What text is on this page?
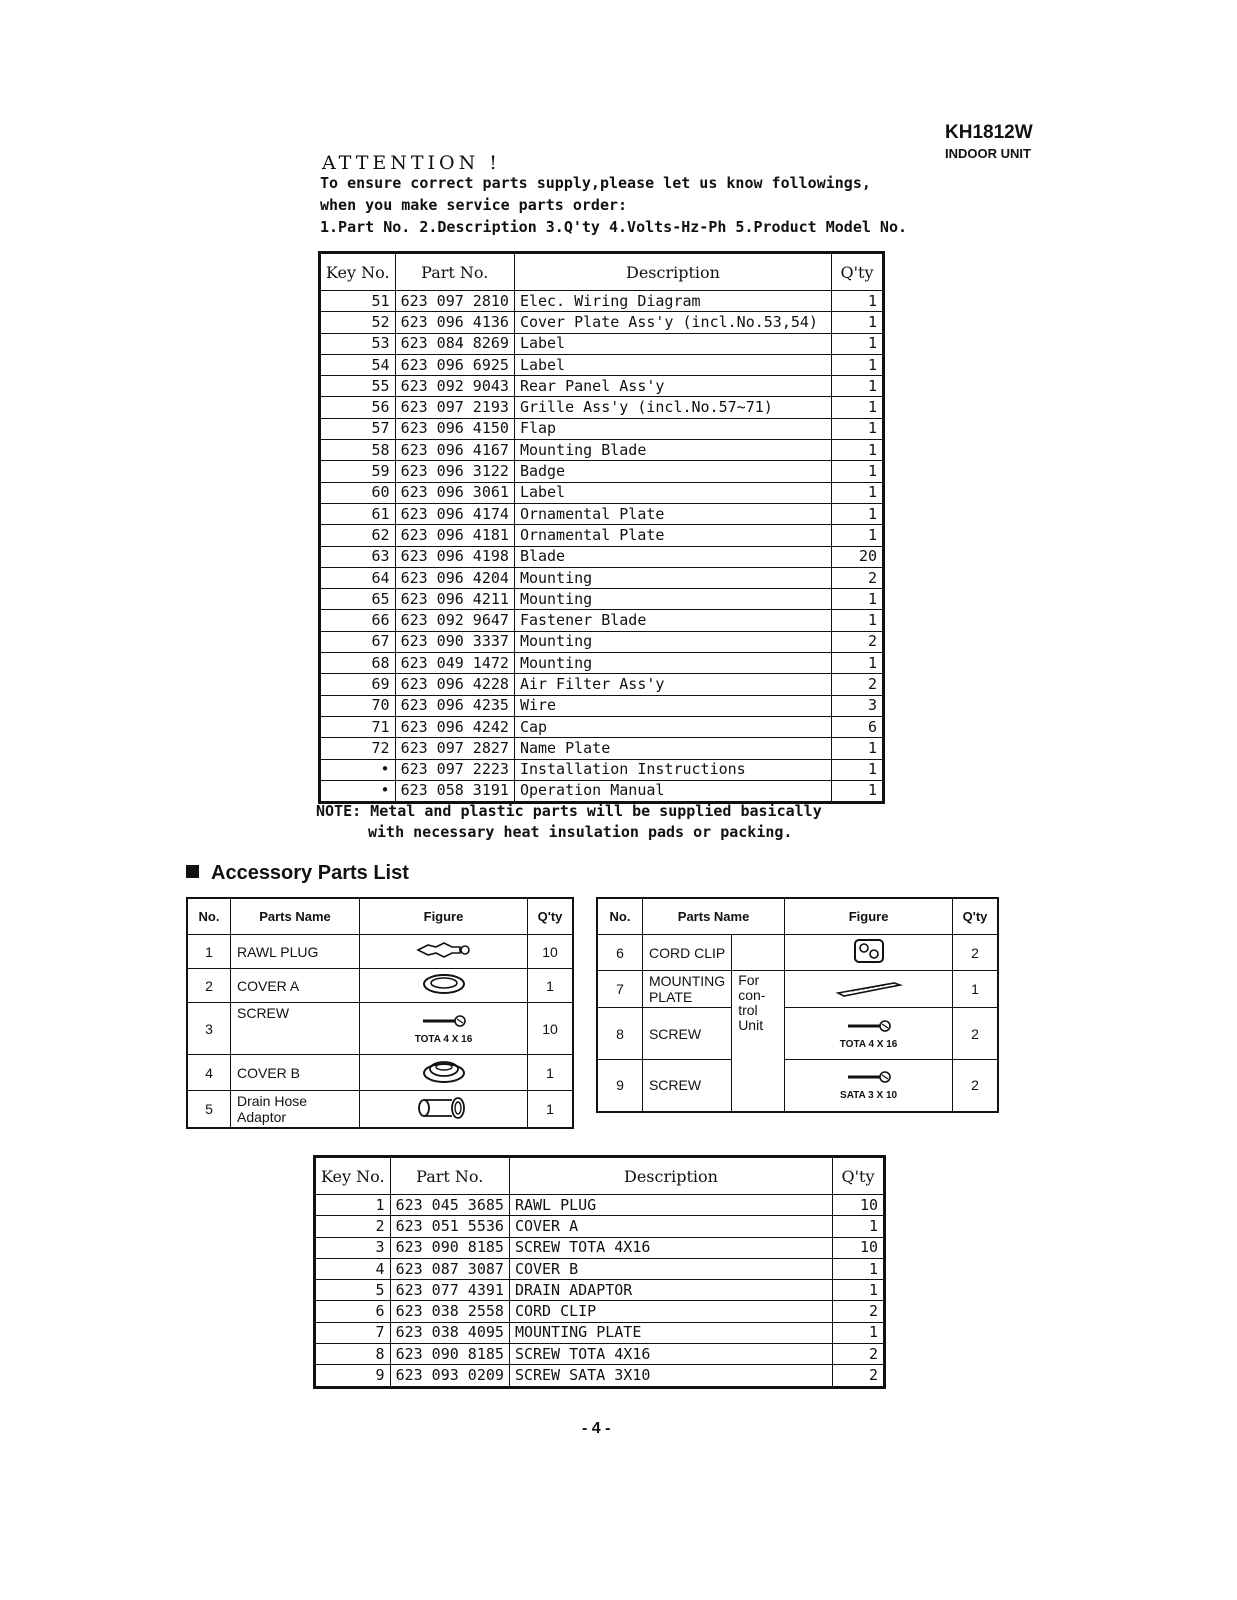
KH1812W
INDOOR UNIT
ATTENTION !
To ensure correct parts supply,please let us know followings,
when you make service parts order:
1.Part No. 2.Description 3.Q'ty 4.Volts-Hz-Ph 5.Product Model No.
Key No.	Part No.	Description	Q'ty
51	623 097 2810	Elec. Wiring Diagram	1
52	623 096 4136	Cover Plate Ass'y (incl.No.53,54)	1
53	623 084 8269	Label	1
54	623 096 6925	Label	1
55	623 092 9043	Rear Panel Ass'y	1
56	623 097 2193	Grille Ass'y (incl.No.57~71)	1
57	623 096 4150	Flap	1
58	623 096 4167	Mounting Blade	1
59	623 096 3122	Badge	1
60	623 096 3061	Label	1
61	623 096 4174	Ornamental Plate	1
62	623 096 4181	Ornamental Plate	1
63	623 096 4198	Blade	20
64	623 096 4204	Mounting	2
65	623 096 4211	Mounting	1
66	623 092 9647	Fastener Blade	1
67	623 090 3337	Mounting	2
68	623 049 1472	Mounting	1
69	623 096 4228	Air Filter Ass'y	2
70	623 096 4235	Wire	3
71	623 096 4242	Cap	6
72	623 097 2827	Name Plate	1
•	623 097 2223	Installation Instructions	1
•	623 058 3191	Operation Manual	1
NOTE: Metal and plastic parts will be supplied basically
with necessary heat insulation pads or packing.
Accessory Parts List
No.	Parts Name	Figure	Q'ty
1	RAWL PLUG		10
2	COVER A		1
3	SCREW	TOTA 4 X 16	10
4	COVER B		1
5	Drain Hose Adaptor		1
No.	Parts Name		Figure	Q'ty
6	CORD CLIP			2
7	MOUNTING PLATE	For con- trol Unit		1
8	SCREW		TOTA 4 X 16	2
9	SCREW		SATA 3 X 10	2
Key No.	Part No.	Description	Q'ty
1	623 045 3685	RAWL PLUG	10
2	623 051 5536	COVER A	1
3	623 090 8185	SCREW TOTA 4X16	10
4	623 087 3087	COVER B	1
5	623 077 4391	DRAIN ADAPTOR	1
6	623 038 2558	CORD CLIP	2
7	623 038 4095	MOUNTING PLATE	1
8	623 090 8185	SCREW TOTA 4X16	2
9	623 093 0209	SCREW SATA 3X10	2
- 4 -
